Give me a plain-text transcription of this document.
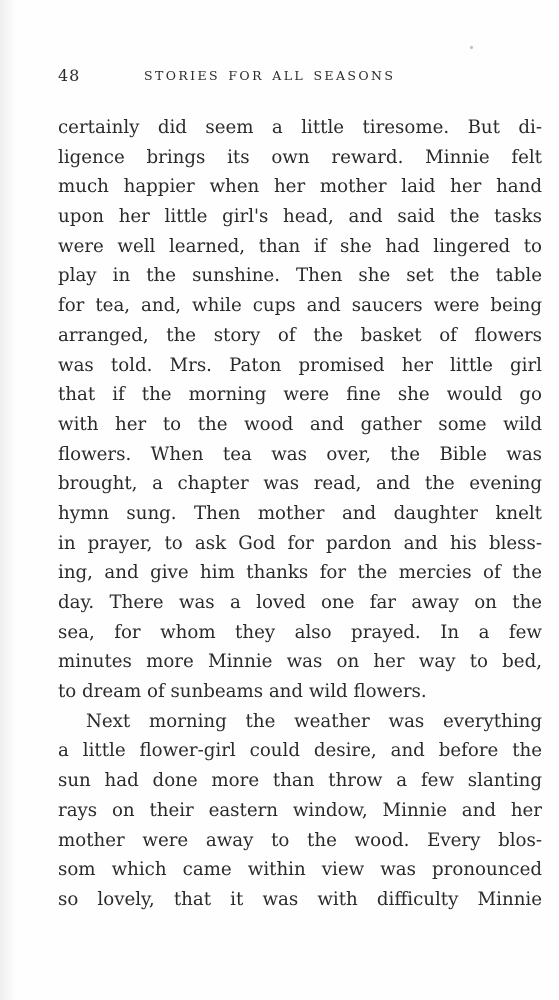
48	STORIES FOR ALL SEASONS
certainly did seem a little tiresome. But di-
ligence brings its own reward. Minnie felt
much happier when her mother laid her hand
upon her little girl's head, and said the tasks
were well learned, than if she had lingered to
play in the sunshine. Then she set the table
for tea, and, while cups and saucers were being
arranged, the story of the basket of flowers
was told. Mrs. Paton promised her little girl
that if the morning were fine she would go
with her to the wood and gather some wild
flowers. When tea was over, the Bible was
brought, a chapter was read, and the evening
hymn sung. Then mother and daughter knelt
in prayer, to ask God for pardon and his bless-
ing, and give him thanks for the mercies of the
day. There was a loved one far away on the
sea, for whom they also prayed. In a few
minutes more Minnie was on her way to bed,
to dream of sunbeams and wild flowers.
Next morning the weather was everything
a little flower-girl could desire, and before the
sun had done more than throw a few slanting
rays on their eastern window, Minnie and her
mother were away to the wood. Every blos-
som which came within view was pronounced
so lovely, that it was with difficulty Minnie
